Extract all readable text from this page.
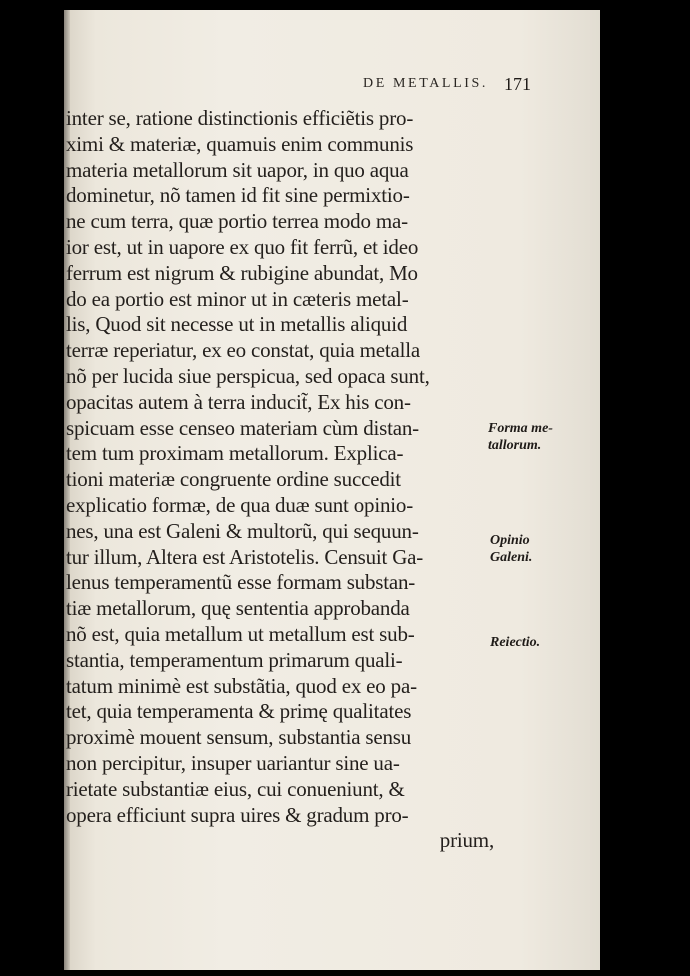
DE METALLIS. 171
inter se, ratione distinctionis efficiẽtis pro-
ximi & materiæ, quamuis enim communis
materia metallorum sit uapor, in quo aqua
dominetur, nõ tamen id fit sine permixtio-
ne cum terra, quæ portio terrea modo ma-
ior est, ut in uapore ex quo fit ferrũ, et ideo
ferrum est nigrum & rubigine abundat, Mo
do ea portio est minor ut in cæteris metal-
lis, Quod sit necesse ut in metallis aliquid
terræ reperiatur, ex eo constat, quia metalla
nõ per lucida siue perspicua, sed opaca sunt,
opacitas autem à terra inducit̃, Ex his con-
spicuam esse censeo materiam cùm distan-
tem tum proximam metallorum. Explica-
tioni materiæ congruente ordine succedit
explicatio formæ, de qua duæ sunt opinio-
nes, una est Galeni & multorũ, qui sequun-
tur illum, Altera est Aristotelis. Censuit Ga-
lenus temperamentũ esse formam substan-
tiæ metallorum, quę sententia approbanda
nõ est, quia metallum ut metallum est sub-
stantia, temperamentum primarum quali-
tatum minimè est substãtia, quod ex eo pa-
tet, quia temperamenta & primę qualitates
proximè mouent sensum, substantia sensu
non percipitur, insuper uariantur sine ua-
rietate substantiæ eius, cui conueniunt, &
opera efficiunt supra uires & gradum pro-
prium,
Forma me-
tallorum.
Opinio
Galeni.
Reiectio.
